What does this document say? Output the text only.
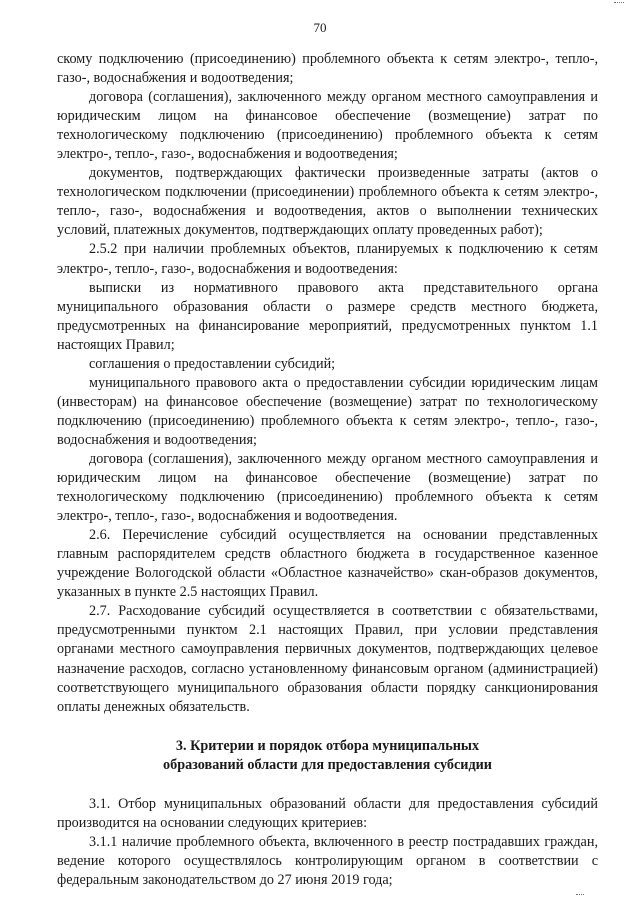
70

скому подключению (присоединению) проблемного объекта к сетям электро-, тепло-, газо-, водоснабжения и водоотведения;

договора (соглашения), заключенного между органом местного самоуправления и юридическим лицом на финансовое обеспечение (возмещение) затрат по технологическому подключению (присоединению) проблемного объекта к сетям электро-, тепло-, газо-, водоснабжения и водоотведения;

документов, подтверждающих фактически произведенные затраты (актов о технологическом подключении (присоединении) проблемного объекта к сетям электро-, тепло-, газо-, водоснабжения и водоотведения, актов о выполнении технических условий, платежных документов, подтверждающих оплату проведенных работ);

2.5.2 при наличии проблемных объектов, планируемых к подключению к сетям электро-, тепло-, газо-, водоснабжения и водоотведения:

выписки из нормативного правового акта представительного органа муниципального образования области о размере средств местного бюджета, предусмотренных на финансирование мероприятий, предусмотренных пунктом 1.1 настоящих Правил;

соглашения о предоставлении субсидий;

муниципального правового акта о предоставлении субсидии юридическим лицам (инвесторам) на финансовое обеспечение (возмещение) затрат по технологическому подключению (присоединению) проблемного объекта к сетям электро-, тепло-, газо-, водоснабжения и водоотведения;

договора (соглашения), заключенного между органом местного самоуправления и юридическим лицом на финансовое обеспечение (возмещение) затрат по технологическому подключению (присоединению) проблемного объекта к сетям электро-, тепло-, газо-, водоснабжения и водоотведения.

2.6. Перечисление субсидий осуществляется на основании представленных главным распорядителем средств областного бюджета в государственное казенное учреждение Вологодской области «Областное казначейство» скан-образов документов, указанных в пункте 2.5 настоящих Правил.

2.7. Расходование субсидий осуществляется в соответствии с обязательствами, предусмотренными пунктом 2.1 настоящих Правил, при условии представления органами местного самоуправления первичных документов, подтверждающих целевое назначение расходов, согласно установленному финансовым органом (администрацией) соответствующего муниципального образования области порядку санкционирования оплаты денежных обязательств.

3. Критерии и порядок отбора муниципальных
образований области для предоставления субсидии

3.1. Отбор муниципальных образований области для предоставления субсидий производится на основании следующих критериев:

3.1.1 наличие проблемного объекта, включенного в реестр пострадавших граждан, ведение которого осуществлялось контролирующим органом в соответствии с федеральным законодательством до 27 июня 2019 года;
